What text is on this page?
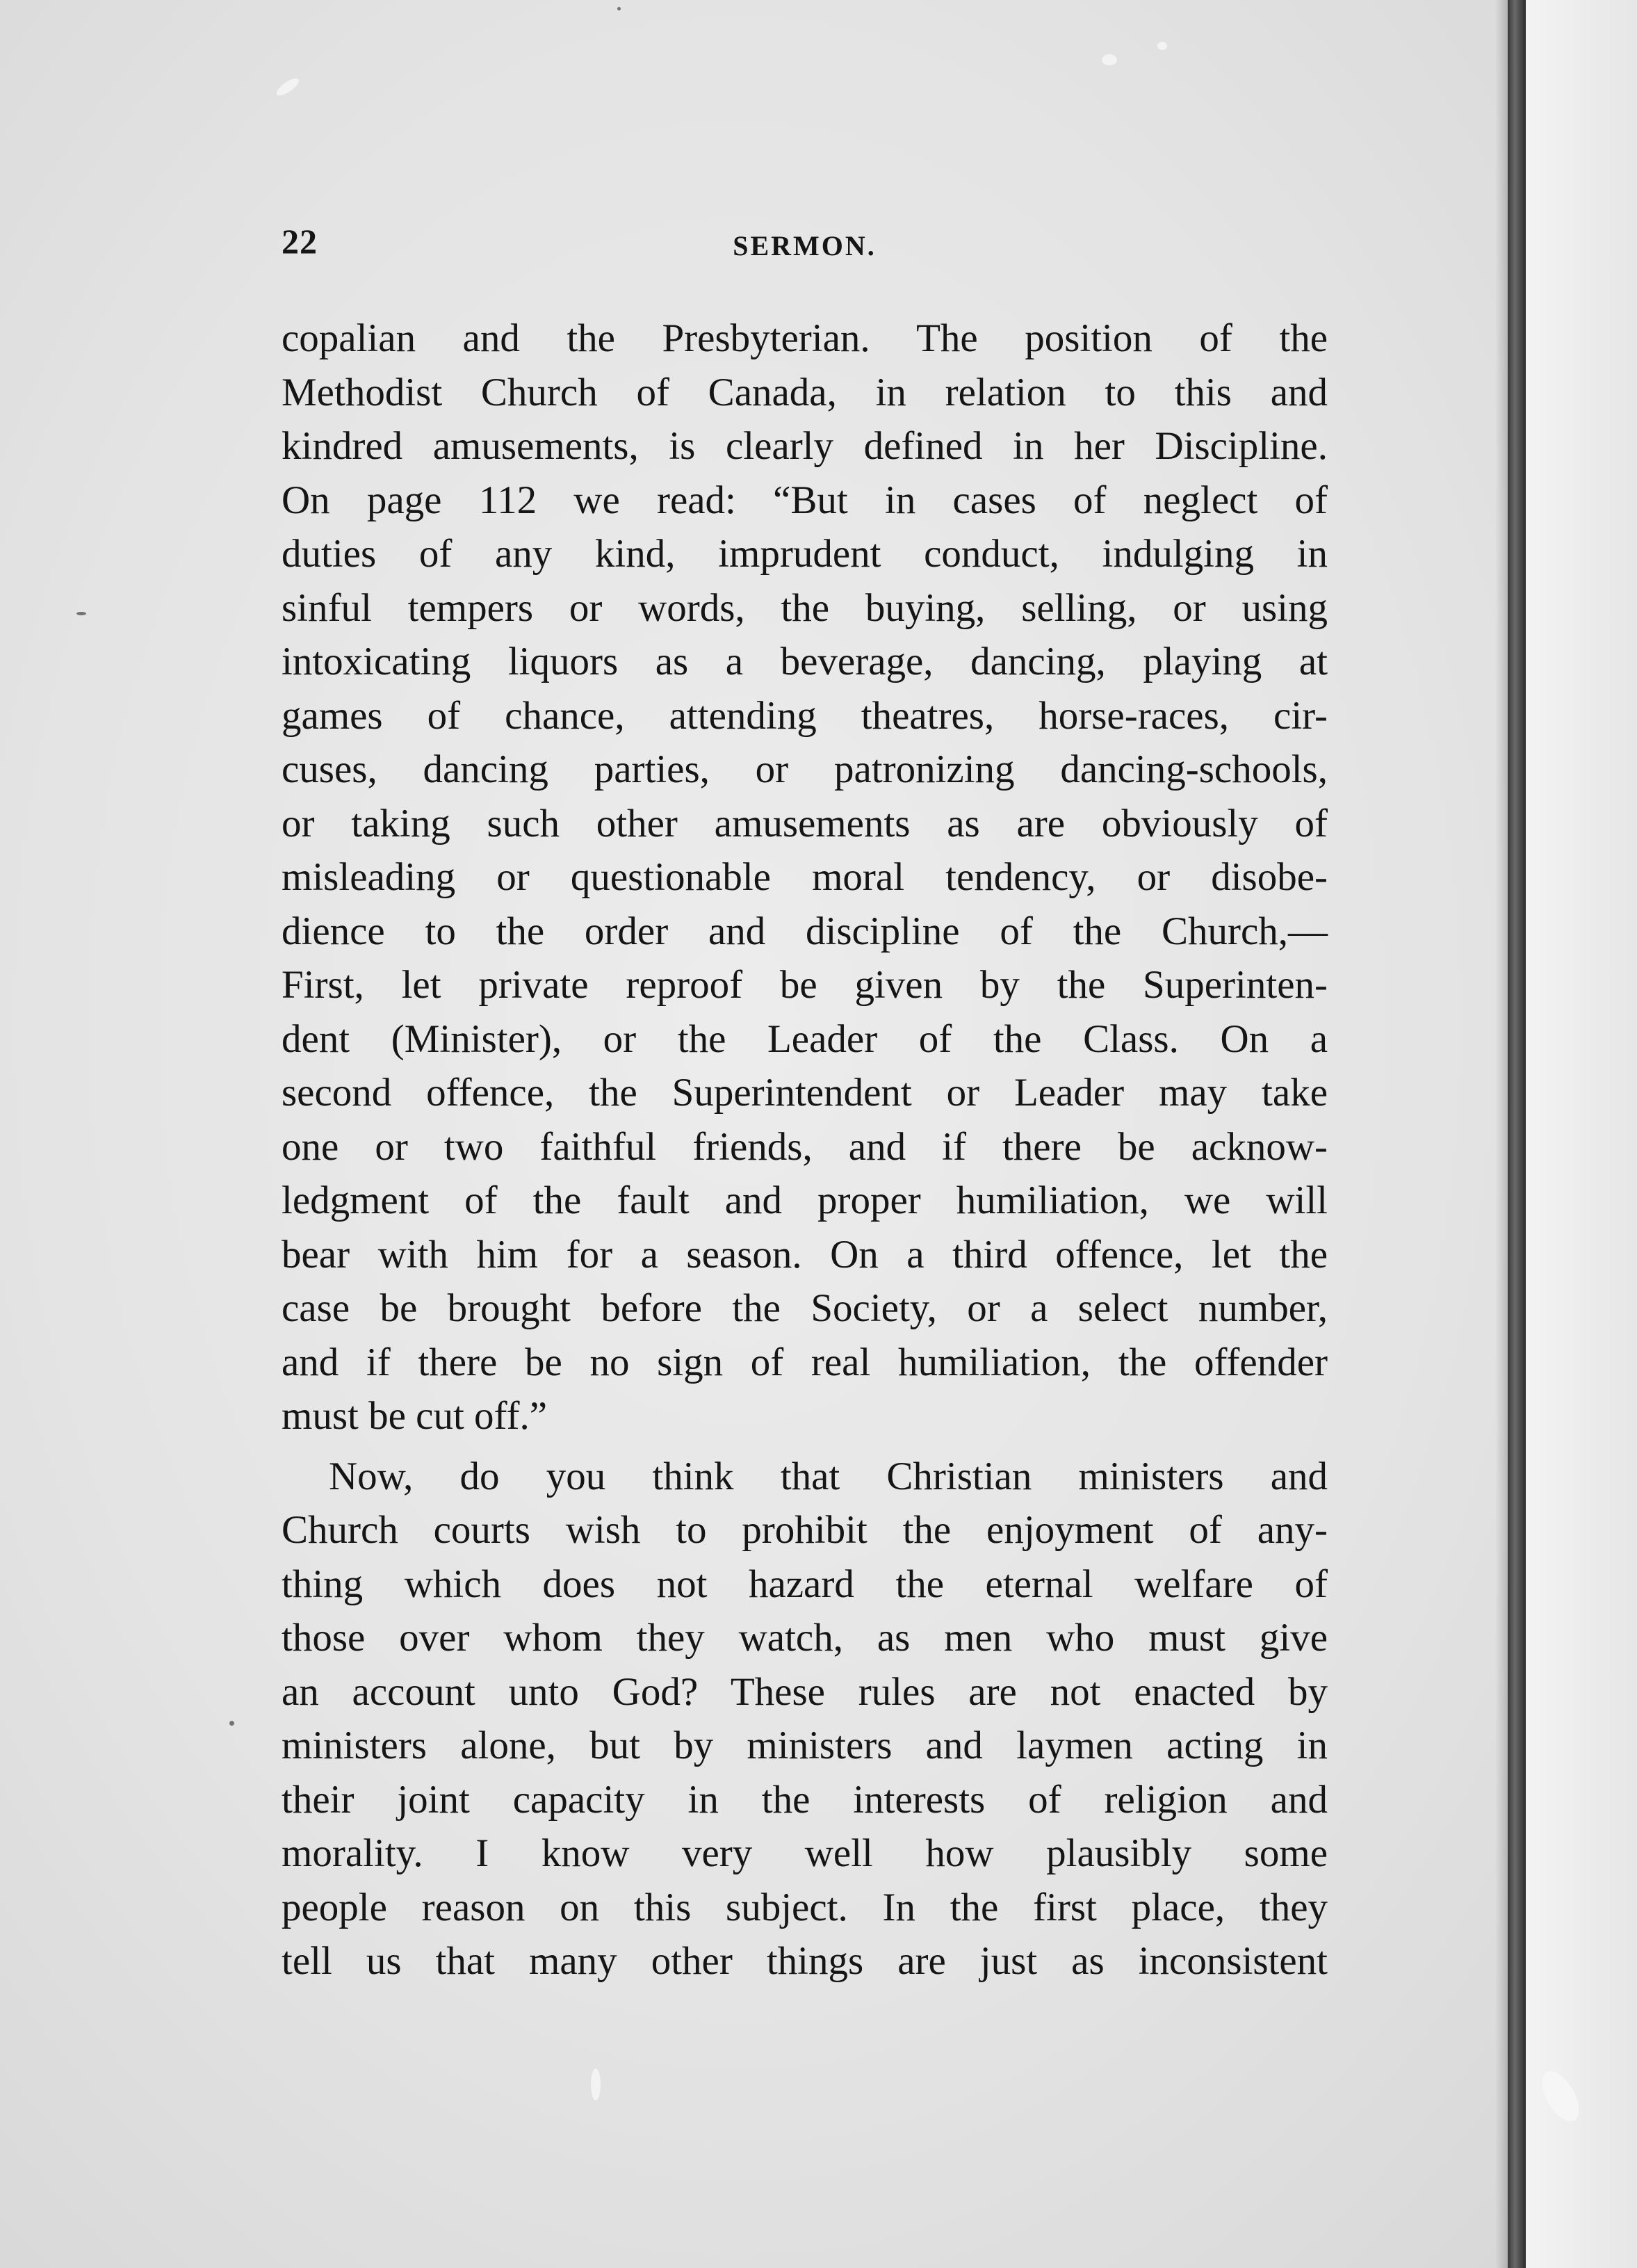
22	SERMON.
copalian and the Presbyterian. The position of the
Methodist Church of Canada, in relation to this and
kindred amusements, is clearly defined in her Discipline.
On page 112 we read: “But in cases of neglect of
duties of any kind, imprudent conduct, indulging in
sinful tempers or words, the buying, selling, or using
intoxicating liquors as a beverage, dancing, playing at
games of chance, attending theatres, horse-races, cir-
cuses, dancing parties, or patronizing dancing-schools,
or taking such other amusements as are obviously of
misleading or questionable moral tendency, or disobe-
dience to the order and discipline of the Church,—
First, let private reproof be given by the Superinten-
dent (Minister), or the Leader of the Class. On a
second offence, the Superintendent or Leader may take
one or two faithful friends, and if there be acknow-
ledgment of the fault and proper humiliation, we will
bear with him for a season. On a third offence, let the
case be brought before the Society, or a select number,
and if there be no sign of real humiliation, the offender
must be cut off.”
Now, do you think that Christian ministers and
Church courts wish to prohibit the enjoyment of any-
thing which does not hazard the eternal welfare of
those over whom they watch, as men who must give
an account unto God? These rules are not enacted by
ministers alone, but by ministers and laymen acting in
their joint capacity in the interests of religion and
morality. I know very well how plausibly some
people reason on this subject. In the first place, they
tell us that many other things are just as inconsistent
